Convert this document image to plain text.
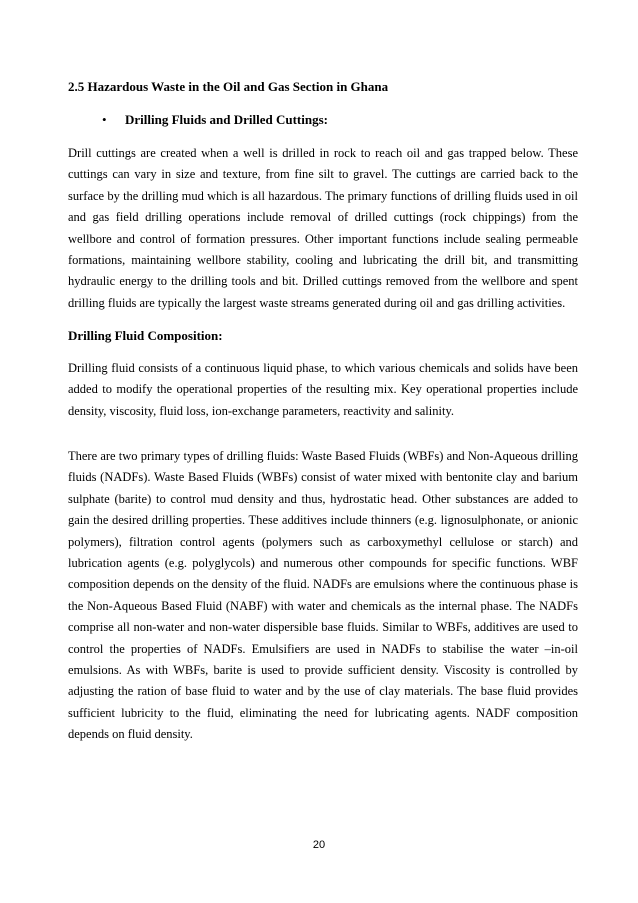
2.5 Hazardous Waste in the Oil and Gas Section in Ghana
• Drilling Fluids and Drilled Cuttings:

Drill cuttings are created when a well is drilled in rock to reach oil and gas trapped below. These cuttings can vary in size and texture, from fine silt to gravel. The cuttings are carried back to the surface by the drilling mud which is all hazardous. The primary functions of drilling fluids used in oil and gas field drilling operations include removal of drilled cuttings (rock chippings) from the wellbore and control of formation pressures. Other important functions include sealing permeable formations, maintaining wellbore stability, cooling and lubricating the drill bit, and transmitting hydraulic energy to the drilling tools and bit. Drilled cuttings removed from the wellbore and spent drilling fluids are typically the largest waste streams generated during oil and gas drilling activities.

Drilling Fluid Composition:

Drilling fluid consists of a continuous liquid phase, to which various chemicals and solids have been added to modify the operational properties of the resulting mix. Key operational properties include density, viscosity, fluid loss, ion-exchange parameters, reactivity and salinity.

There are two primary types of drilling fluids: Waste Based Fluids (WBFs) and Non-Aqueous drilling fluids (NADFs). Waste Based Fluids (WBFs) consist of water mixed with bentonite clay and barium sulphate (barite) to control mud density and thus, hydrostatic head. Other substances are added to gain the desired drilling properties. These additives include thinners (e.g. lignosulphonate, or anionic polymers), filtration control agents (polymers such as carboxymethyl cellulose or starch) and lubrication agents (e.g. polyglycols) and numerous other compounds for specific functions. WBF composition depends on the density of the fluid. NADFs are emulsions where the continuous phase is the Non-Aqueous Based Fluid (NABF) with water and chemicals as the internal phase. The NADFs comprise all non-water and non-water dispersible base fluids. Similar to WBFs, additives are used to control the properties of NADFs. Emulsifiers are used in NADFs to stabilise the water –in-oil emulsions. As with WBFs, barite is used to provide sufficient density. Viscosity is controlled by adjusting the ration of base fluid to water and by the use of clay materials. The base fluid provides sufficient lubricity to the fluid, eliminating the need for lubricating agents. NADF composition depends on fluid density.

20
